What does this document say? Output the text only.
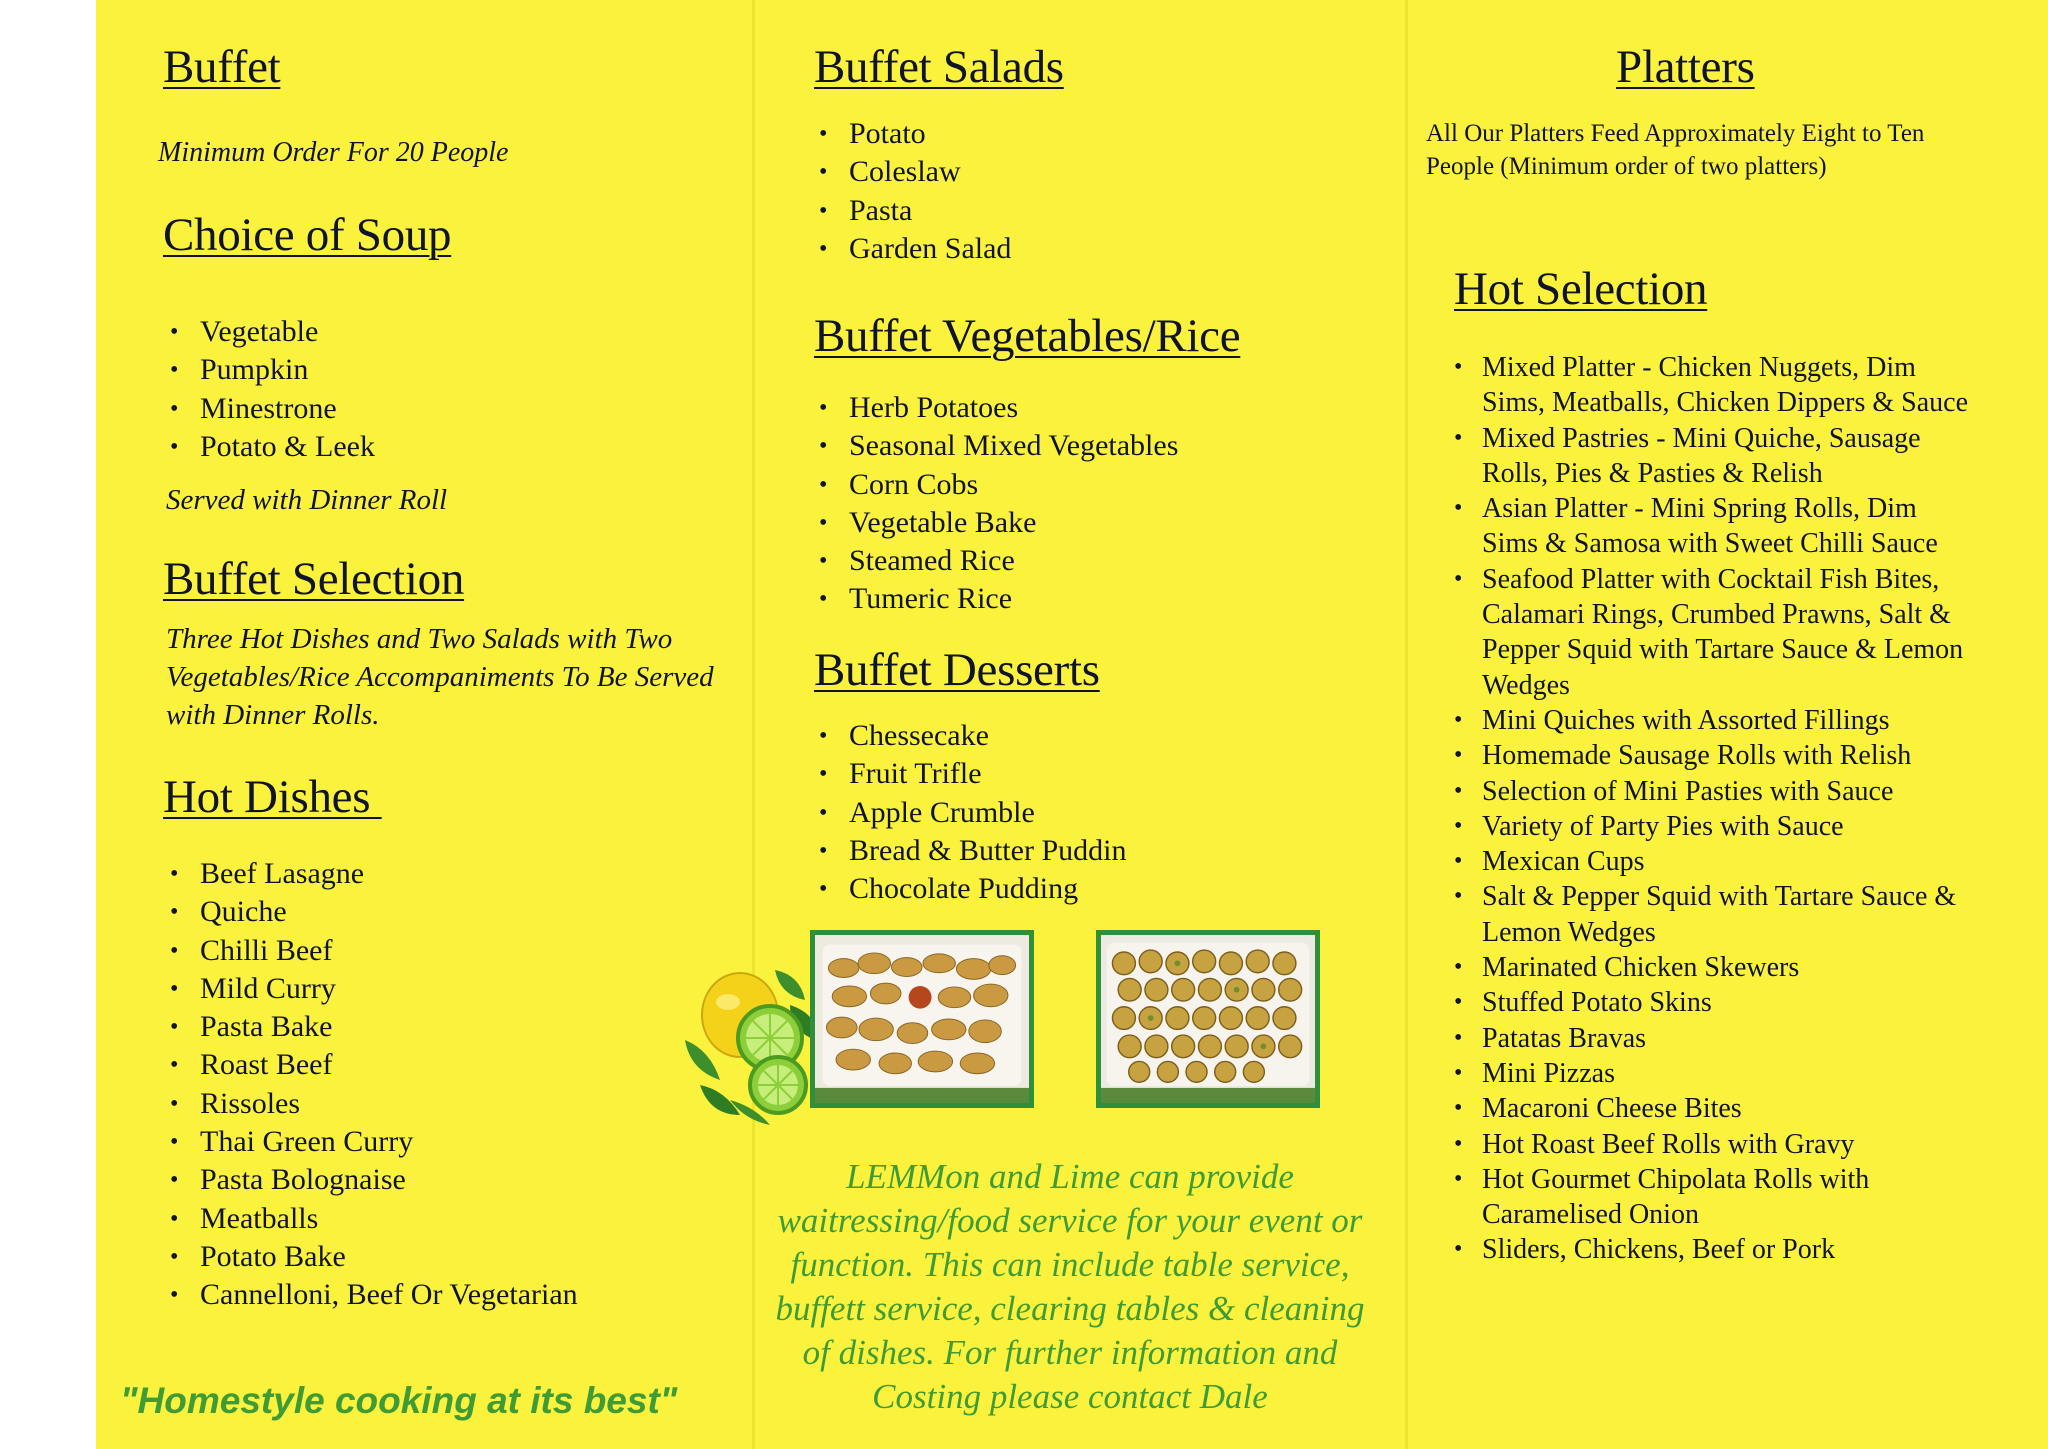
Buffet

Minimum Order For 20 People

Choice of Soup
• Vegetable
• Pumpkin
• Minestrone
• Potato & Leek

Served with Dinner Roll

Buffet Selection

Three Hot Dishes and Two Salads with Two Vegetables/Rice Accompaniments To Be Served with Dinner Rolls.

Hot Dishes
• Beef Lasagne
• Quiche
• Chilli Beef
• Mild Curry
• Pasta Bake
• Roast Beef
• Rissoles
• Thai Green Curry
• Pasta Bolognaise
• Meatballs
• Potato Bake
• Cannelloni, Beef Or Vegetarian

"Homestyle cooking at its best"

Buffet Salads
• Potato
• Coleslaw
• Pasta
• Garden Salad
Buffet Vegetables/Rice
• Herb Potatoes
• Seasonal Mixed Vegetables
• Corn Cobs
• Vegetable Bake
• Steamed Rice
• Tumeric Rice
Buffet Desserts
• Chessecake
• Fruit Trifle
• Apple Crumble
• Bread & Butter Puddin
• Chocolate Pudding

LEMMon and Lime can provide waitressing/food service for your event or function. This can include table service, buffett service, clearing tables & cleaning of dishes. For further information and Costing please contact Dale

Platters

All Our Platters Feed Approximately Eight to Ten People (Minimum order of two platters)

Hot Selection
• Mixed Platter - Chicken Nuggets, Dim Sims, Meatballs, Chicken Dippers & Sauce
• Mixed Pastries - Mini Quiche, Sausage Rolls, Pies & Pasties & Relish
• Asian Platter - Mini Spring Rolls, Dim Sims & Samosa with Sweet Chilli Sauce
• Seafood Platter with Cocktail Fish Bites, Calamari Rings, Crumbed Prawns, Salt & Pepper Squid with Tartare Sauce & Lemon Wedges
• Mini Quiches with Assorted Fillings
• Homemade Sausage Rolls with Relish
• Selection of Mini Pasties with Sauce
• Variety of Party Pies with Sauce
• Mexican Cups
• Salt & Pepper Squid with Tartare Sauce & Lemon Wedges
• Marinated Chicken Skewers
• Stuffed Potato Skins
• Patatas Bravas
• Mini Pizzas
• Macaroni Cheese Bites
• Hot Roast Beef Rolls with Gravy
• Hot Gourmet Chipolata Rolls with Caramelised Onion
• Sliders, Chickens, Beef or Pork
